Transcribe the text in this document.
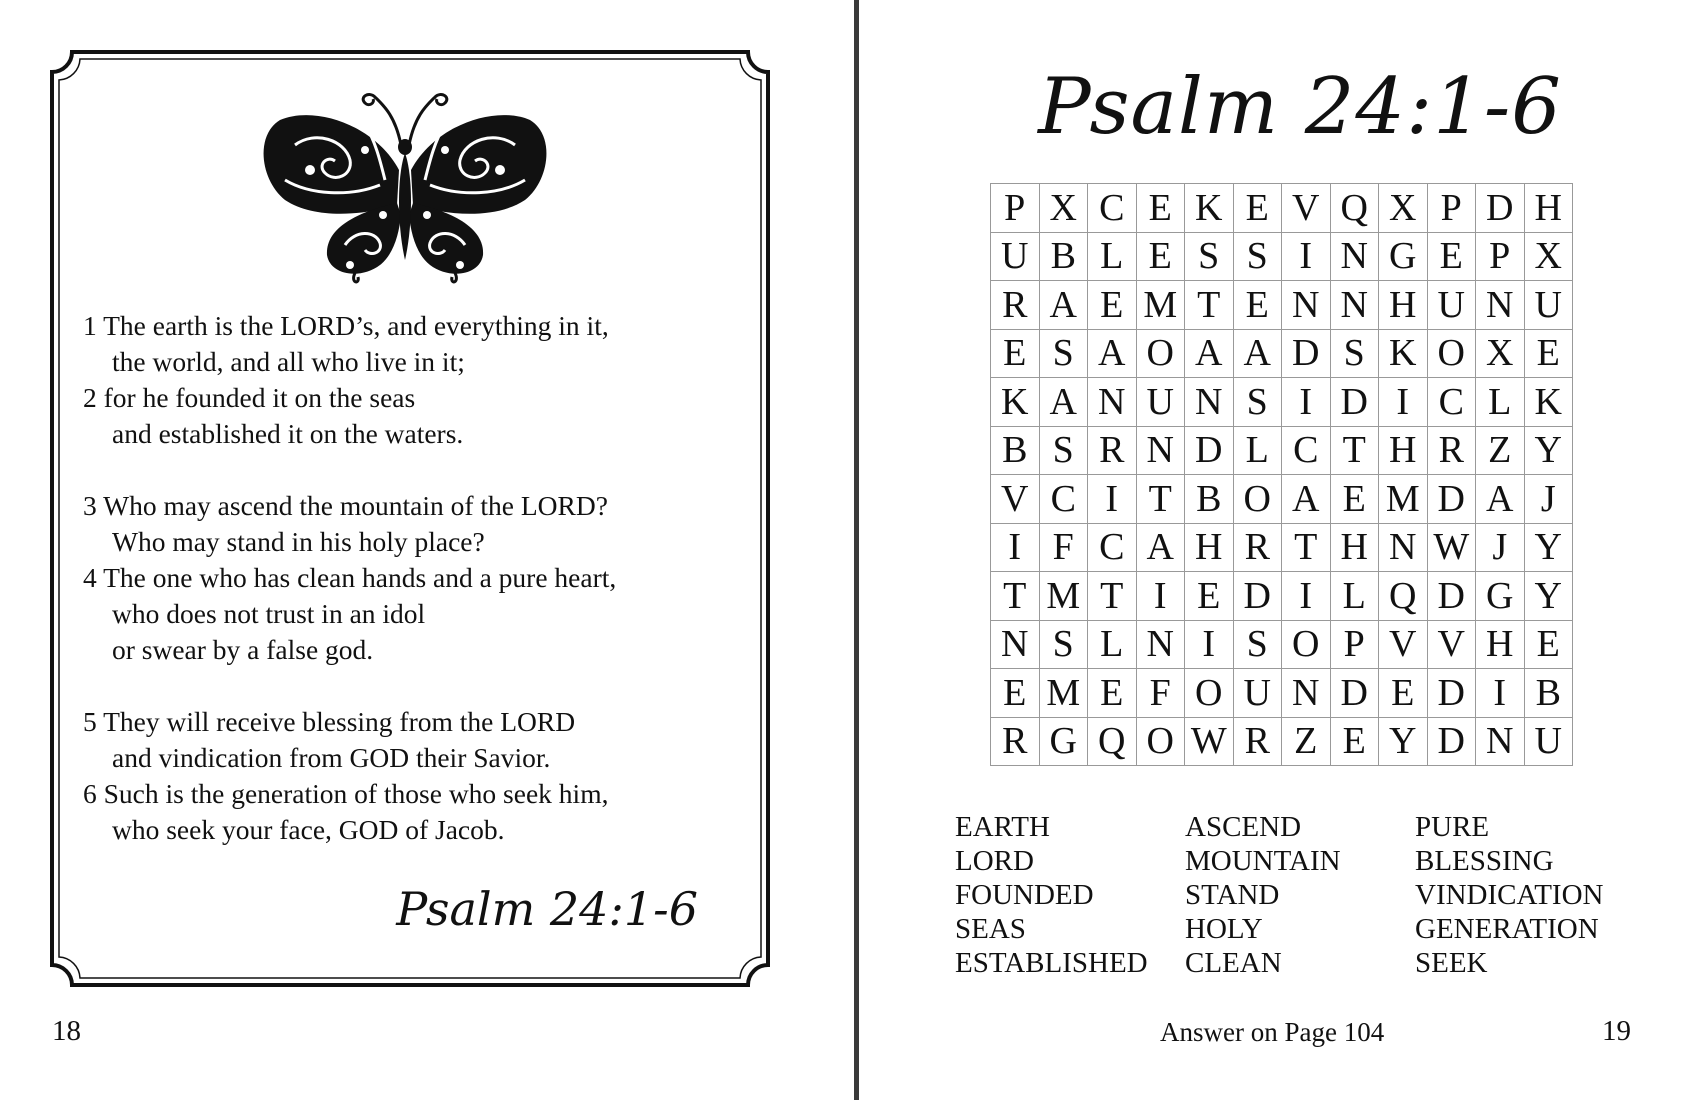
1 The earth is the LORD’s, and everything in it,
the world, and all who live in it;
2 for he founded it on the seas
and established it on the waters.
3 Who may ascend the mountain of the LORD?
Who may stand in his holy place?
4 The one who has clean hands and a pure heart,
who does not trust in an idol
or swear by a false god.
5 They will receive blessing from the LORD
and vindication from GOD their Savior.
6 Such is the generation of those who seek him,
who seek your face, GOD of Jacob.
Psalm 24:1-6
18
Psalm 24:1-6
P X C E K E V Q X P D H
U B L E S S I N G E P X
R A E M T E N N H U N U
E S A O A A D S K O X E
K A N U N S I D I C L K
B S R N D L C T H R Z Y
V C I T B O A E M D A J
I F C A H R T H N W J Y
T M T I E D I L Q D G Y
N S L N I S O P V V H E
E M E F O U N D E D I B
R G Q O W R Z E Y D N U
EARTH
LORD
FOUNDED
SEAS
ESTABLISHED
ASCEND
MOUNTAIN
STAND
HOLY
CLEAN
PURE
BLESSING
VINDICATION
GENERATION
SEEK
Answer on Page 104	19
